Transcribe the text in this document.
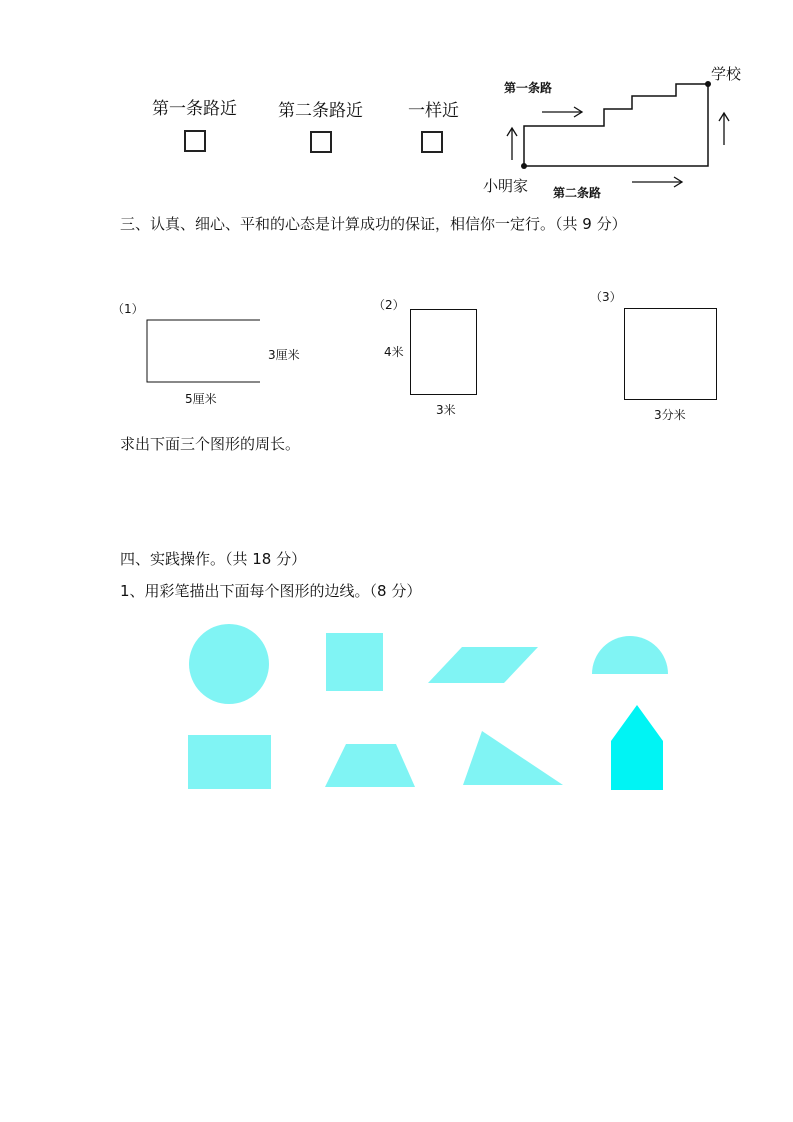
第一条路近 第二条路近	一样近
第一条路
学校
小明家 第二条路
三、认真、细心、平和的心态是计算成功的保证，相信你一定行。（共 9 分）
（1）
3厘米
5厘米
（2）
4米
3米
（3）
3分米
求出下面三个图形的周长。
四、实践操作。（共 18 分）
1、用彩笔描出下面每个图形的边线。（8 分）
